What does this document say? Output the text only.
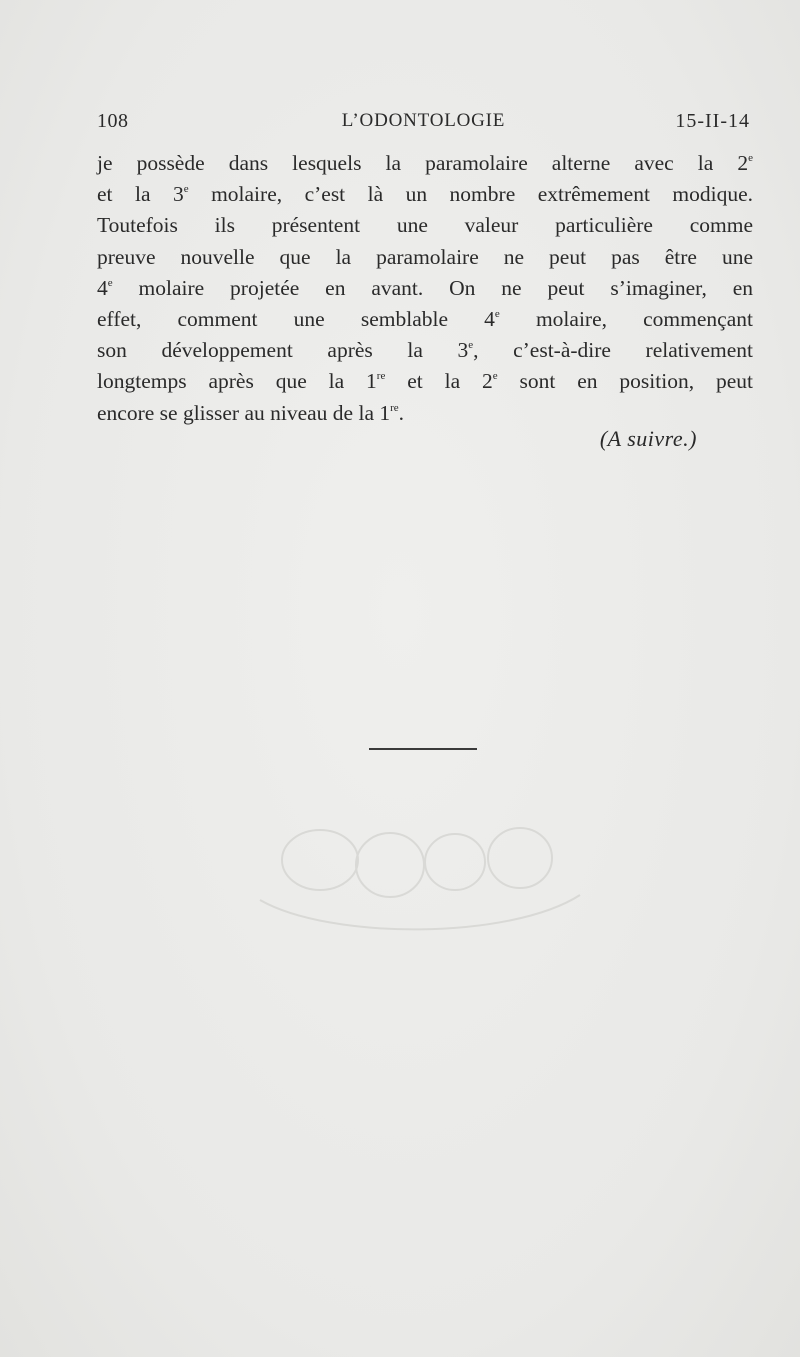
108	L’ODONTOLOGIE	15-II-14
je possède dans lesquels la paramolaire alterne avec la 2e
et la 3e molaire, c’est là un nombre extrêmement modique.
Toutefois ils présentent une valeur particulière comme
preuve nouvelle que la paramolaire ne peut pas être une
4e molaire projetée en avant. On ne peut s’imaginer, en
effet, comment une semblable 4e molaire, commençant
son développement après la 3e, c’est-à-dire relativement
longtemps après que la 1re et la 2e sont en position, peut
encore se glisser au niveau de la 1re.
(A suivre.)
